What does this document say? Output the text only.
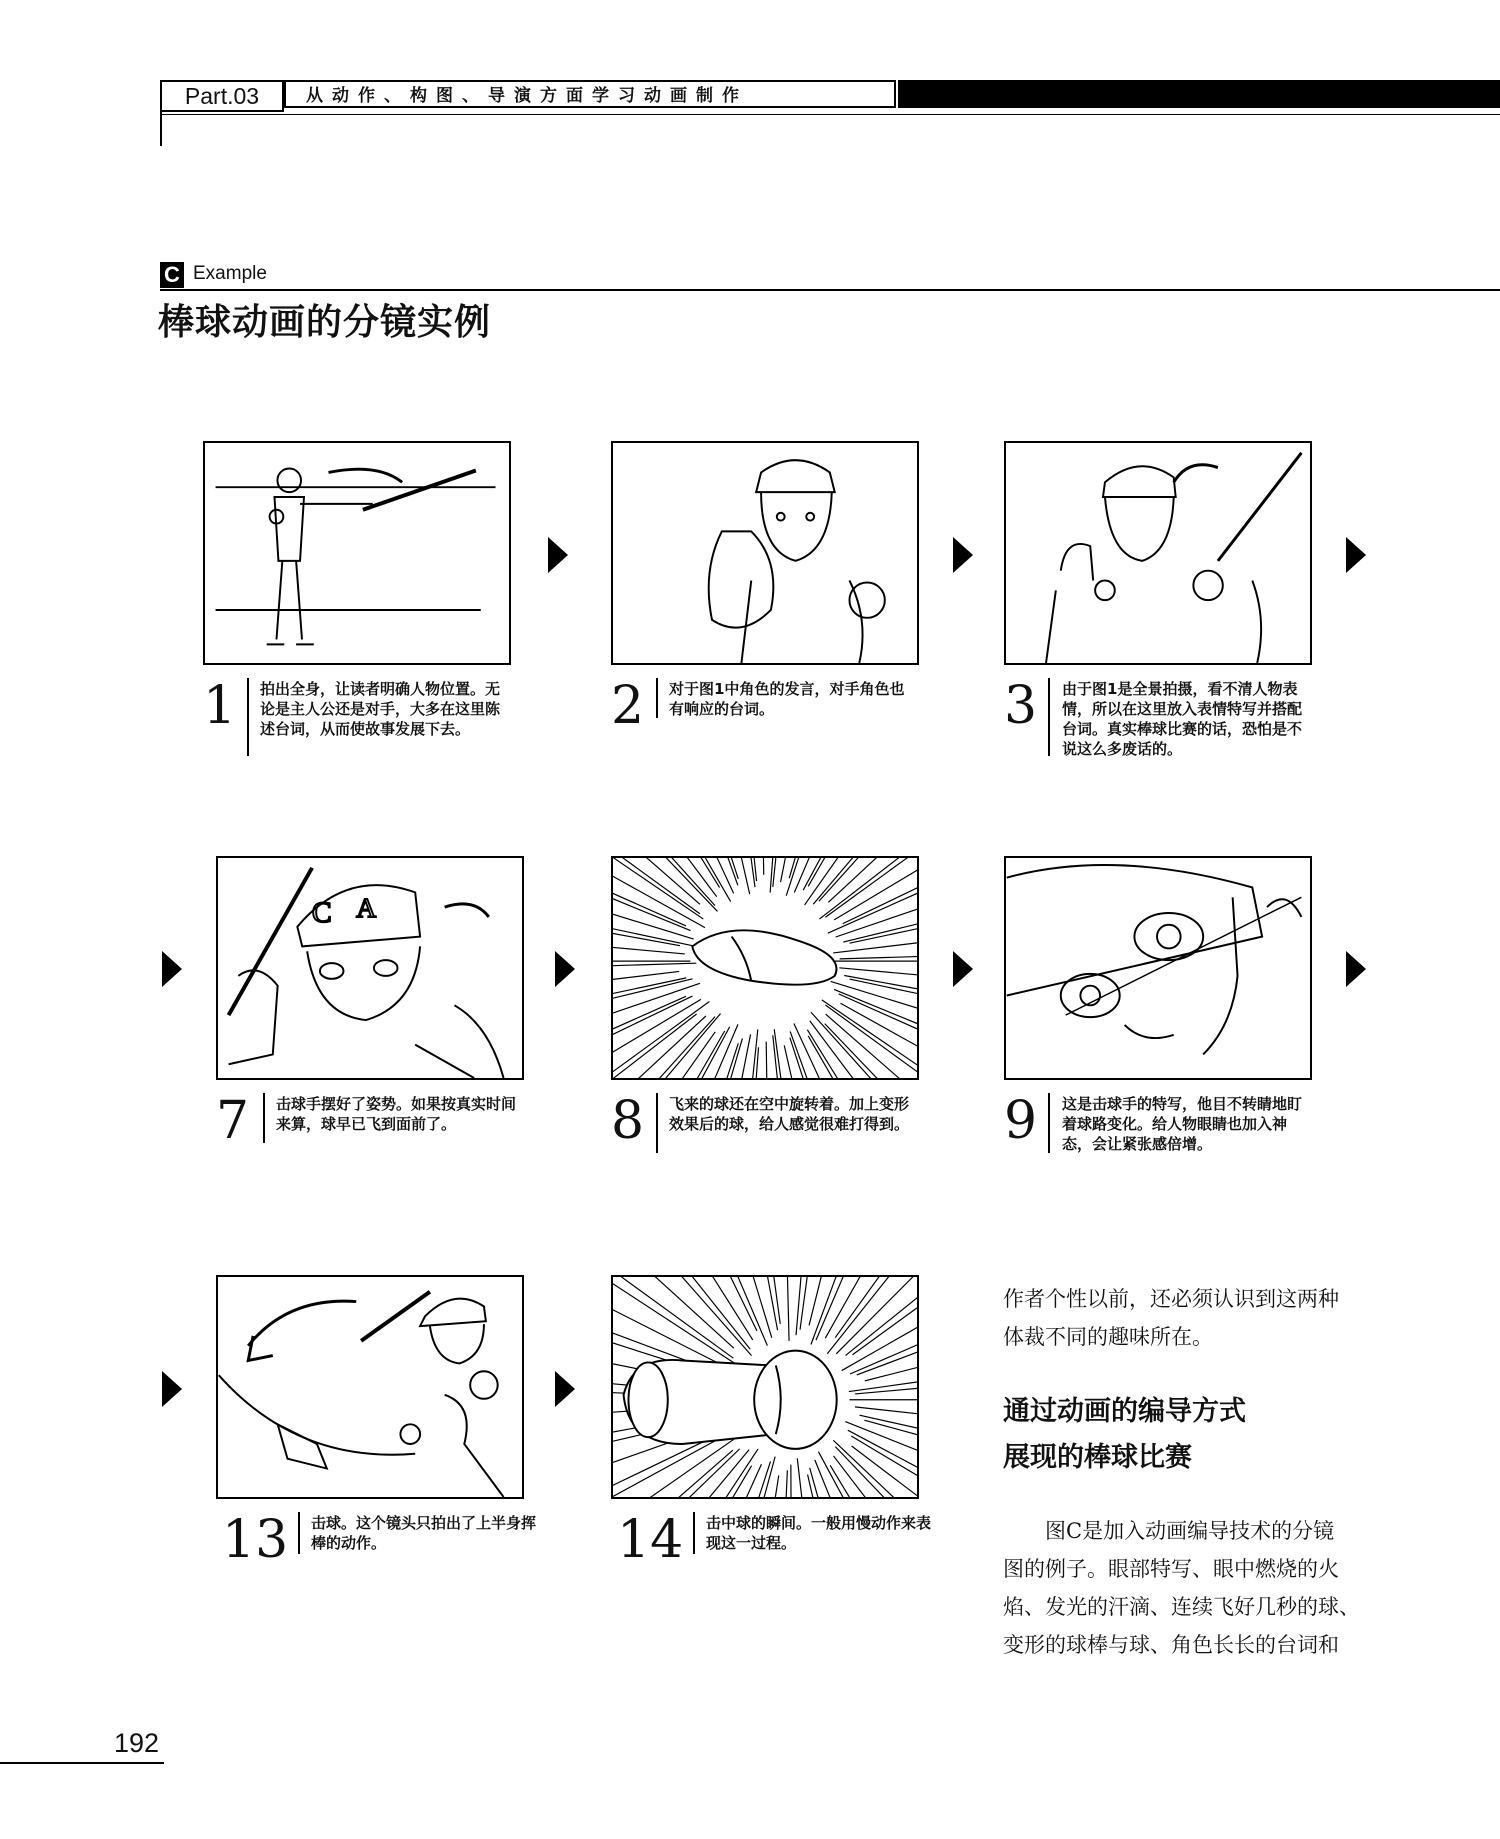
Part.03	从动作、构图、导演方面学习动画制作
C Example
棒球动画的分镜实例
1 拍出全身，让读者明确人物位置。无论是主人公还是对手，大多在这里陈述台词，从而使故事发展下去。	2 对于图1中角色的发言，对手角色也有响应的台词。	3 由于图1是全景拍摄，看不清人物表情，所以在这里放入表情特写并搭配台词。真实棒球比赛的话，恐怕是不说这么多废话的。
C A
7 击球手摆好了姿势。如果按真实时间来算，球早已飞到面前了。	8 飞来的球还在空中旋转着。加上变形效果后的球，给人感觉很难打得到。 9 这是击球手的特写，他目不转睛地盯着球路变化。给人物眼睛也加入神态，会让紧张感倍增。
13 击球。这个镜头只拍出了上半身挥棒的动作。	14 击中球的瞬间。一般用慢动作来表现这一过程。
作者个性以前，还必须认识到这两种
体裁不同的趣味所在。
通过动画的编导方式
展现的棒球比赛
　　图C是加入动画编导技术的分镜
图的例子。眼部特写、眼中燃烧的火
焰、发光的汗滴、连续飞好几秒的球、
变形的球棒与球、角色长长的台词和
192
